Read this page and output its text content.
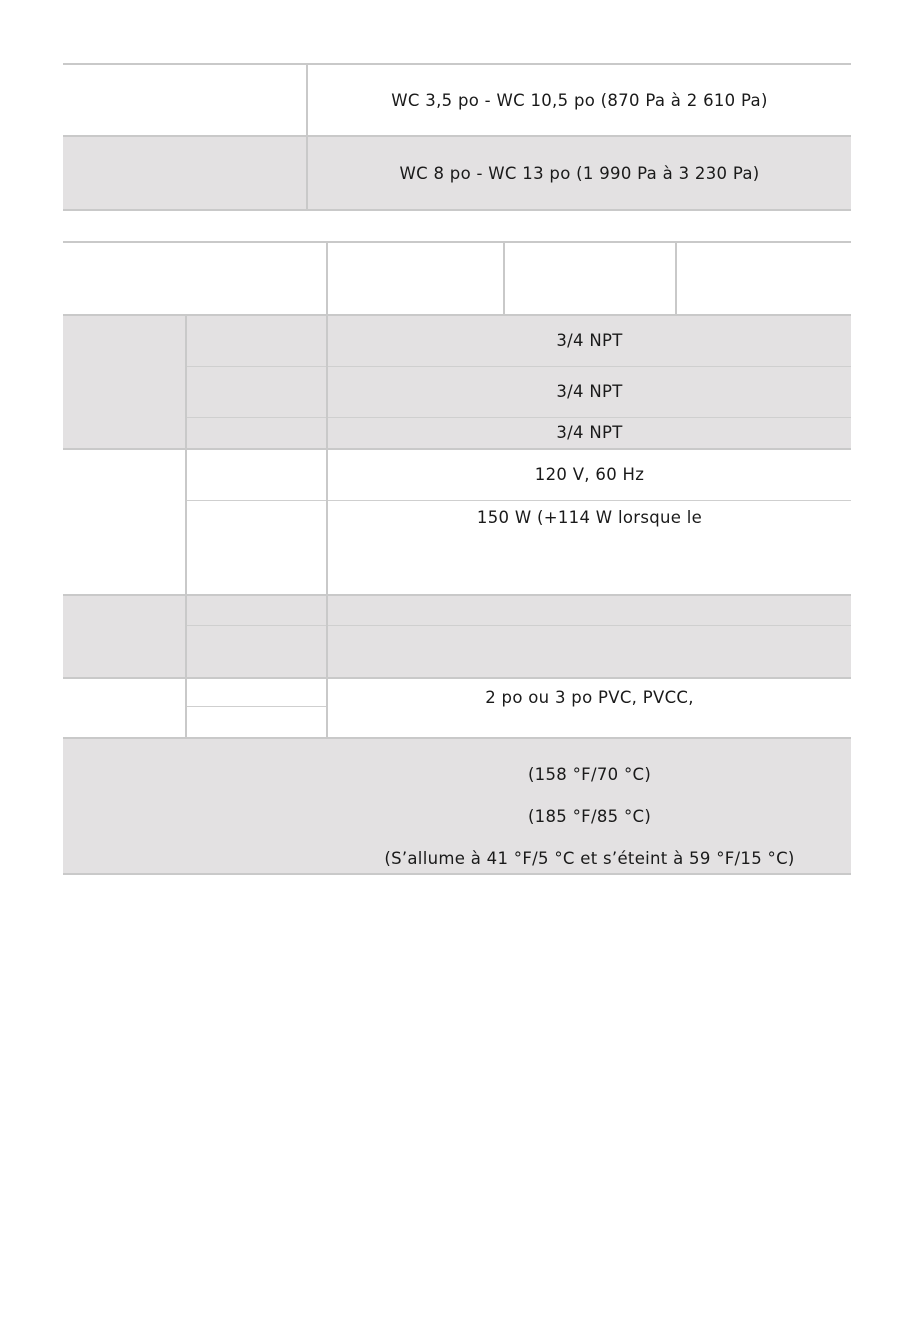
WC 3,5 po - WC 10,5 po (870 Pa à 2 610 Pa)
WC 8 po - WC 13 po (1 990 Pa à 3 230 Pa)
3/4 NPT
3/4 NPT
3/4 NPT
120 V, 60 Hz
150 W (+114 W lorsque le
2 po ou 3 po PVC, PVCC,
(158 °F/70 °C)
(185 °F/85 °C)
(S’allume à 41 °F/5 °C et s’éteint à 59 °F/15 °C)
